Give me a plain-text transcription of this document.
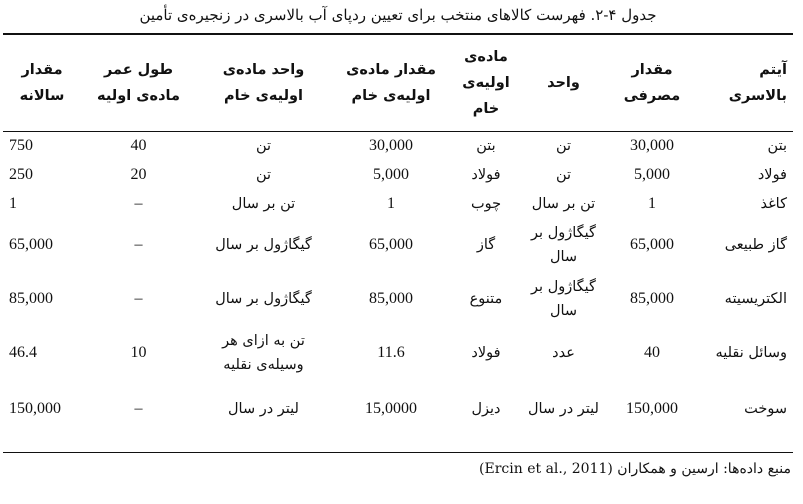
جدول ۴-۲. فهرست کالاهای منتخب برای تعیین ردپای آب بالاسری در زنجیره‌ی تأمین
آیتم بالاسری	مقدار مصرفی	واحد	ماده‌ی اولیه‌ی خام	مقدار ماده‌ی اولیه‌ی خام	واحد ماده‌ی اولیه‌ی خام	طول عمر ماده‌ی اولیه	مقدار سالانه
بتن	30,000	تن	بتن	30,000	تن	40	750
فولاد	5,000	تن	فولاد	5,000	تن	20	250
کاغذ	1	تن بر سال	چوب	1	تن بر سال	–	1
گاز طبیعی	65,000	گیگاژول بر سال	گاز	65,000	گیگاژول بر سال	–	65,000
الکتریسیته	85,000	گیگاژول بر سال	متنوع	85,000	گیگاژول بر سال	–	85,000
وسائل نقلیه	40	عدد	فولاد	11.6	تن به ازای هر وسیله‌ی نقلیه	10	46.4
سوخت	150,000	لیتر در سال	دیزل	15,0000	لیتر در سال	–	150,000
منبع داده‌ها: ارسین و همکاران (Ercin et al., 2011)
